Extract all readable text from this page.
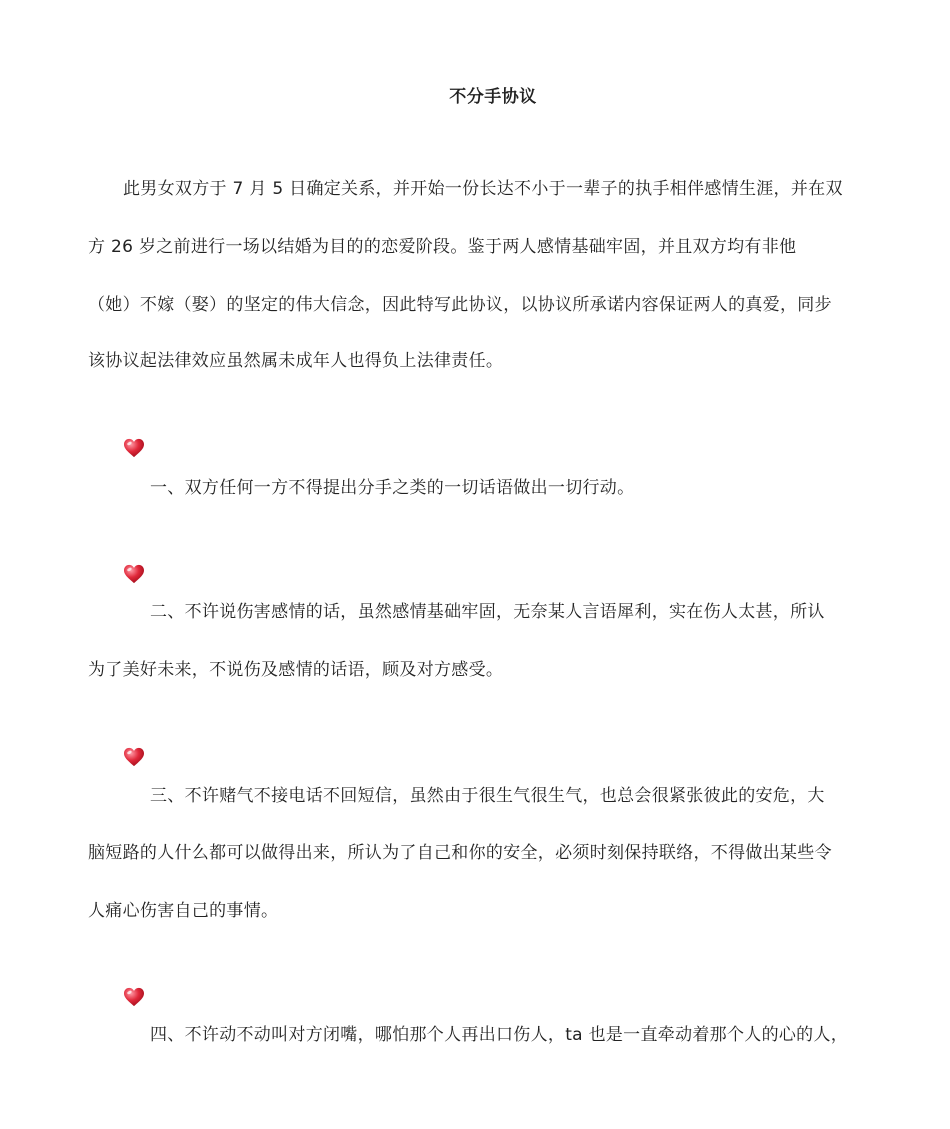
不分手协议
此男女双方于 7 月 5 日确定关系，并开始一份长达不小于一辈子的执手相伴感情生涯，并在双
方 26 岁之前进行一场以结婚为目的的恋爱阶段。鉴于两人感情基础牢固，并且双方均有非他
（她）不嫁（娶）的坚定的伟大信念，因此特写此协议，以协议所承诺内容保证两人的真爱，同步
该协议起法律效应虽然属未成年人也得负上法律责任。
一、双方任何一方不得提出分手之类的一切话语做出一切行动。
二、不许说伤害感情的话，虽然感情基础牢固，无奈某人言语犀利，实在伤人太甚，所认
为了美好未来，不说伤及感情的话语，顾及对方感受。
三、不许赌气不接电话不回短信，虽然由于很生气很生气，也总会很紧张彼此的安危，大
脑短路的人什么都可以做得出来，所认为了自己和你的安全，必须时刻保持联络，不得做出某些令
人痛心伤害自己的事情。
四、不许动不动叫对方闭嘴，哪怕那个人再出口伤人，ta 也是一直牵动着那个人的心的人，
